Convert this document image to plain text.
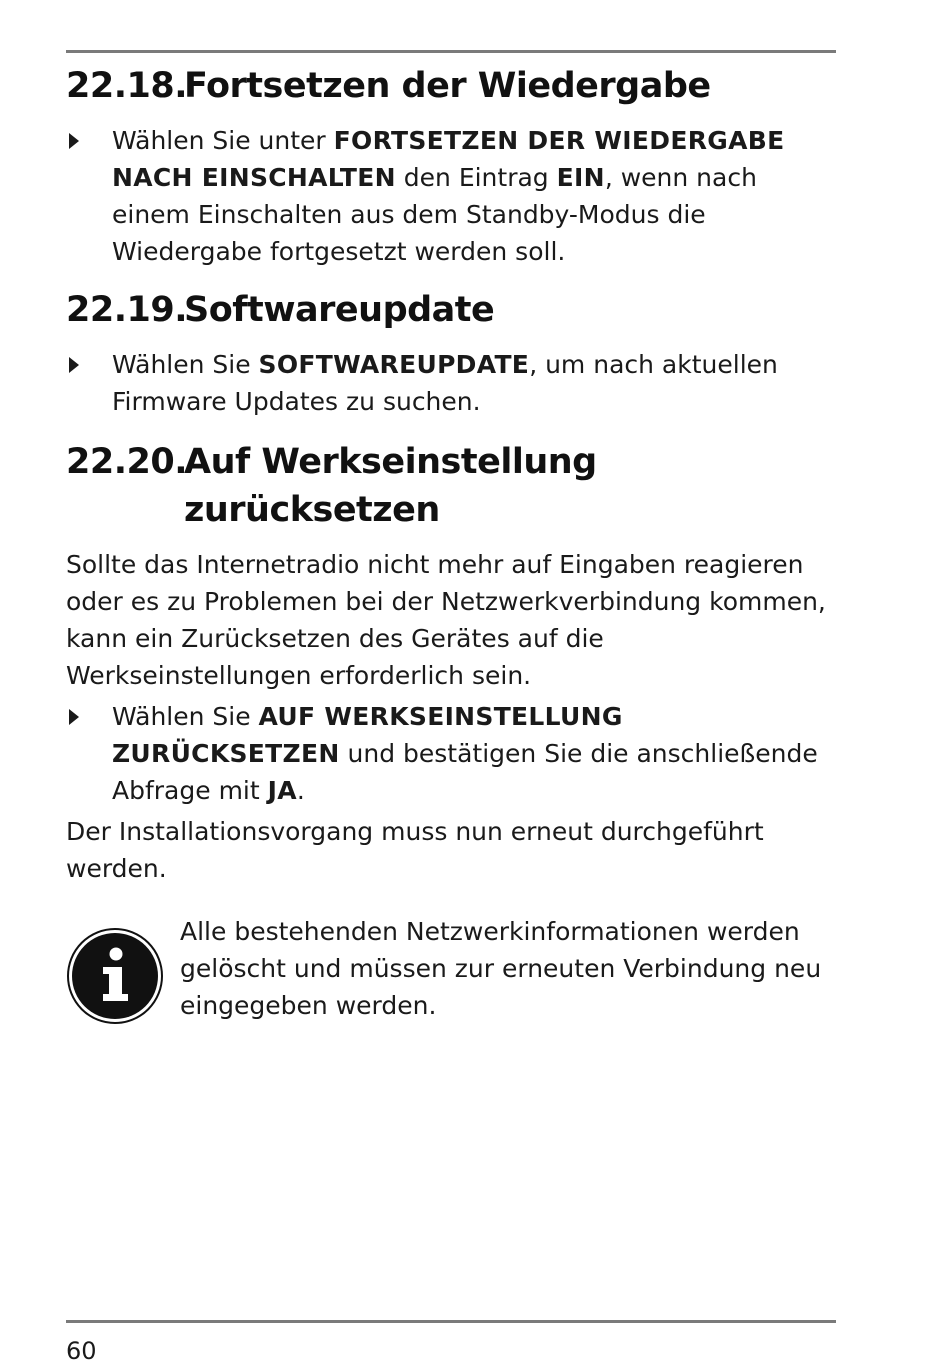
22.18.
Fortsetzen der Wiedergabe
Wählen Sie unter FORTSETZEN DER WIEDERGABE NACH EINSCHALTEN den Eintrag EIN, wenn nach einem Einschalten aus dem Standby-Modus die Wiedergabe fortgesetzt werden soll.
22.19.
Softwareupdate
Wählen Sie SOFTWAREUPDATE, um nach aktuellen Firmware Updates zu suchen.
22.20.
Auf Werkseinstellung zurücksetzen

Sollte das Internetradio nicht mehr auf Eingaben reagieren oder es zu Problemen bei der Netzwerkverbindung kommen, kann ein Zurücksetzen des Gerätes auf die Werkseinstellungen erforderlich sein.

Wählen Sie AUF WERKSEINSTELLUNG ZURÜCKSETZEN und bestätigen Sie die anschließende Abfrage mit JA.

Der Installationsvorgang muss nun erneut durchgeführt werden.

Alle bestehenden Netzwerkinformationen werden gelöscht und müssen zur erneuten Verbindung neu eingegeben werden.
60
